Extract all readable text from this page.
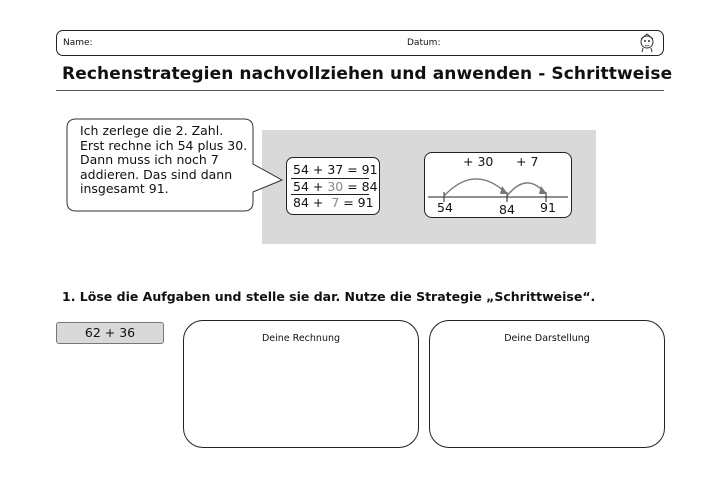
Name:	Datum:
Rechenstrategien nachvollziehen und anwenden - Schrittweise
Ich zerlege die 2. Zahl.
Erst rechne ich 54 plus 30.
Dann muss ich noch 7
addieren. Das sind dann
insgesamt 91.
54 + 37 = 91
54 + 30 = 84
84 +  7 = 91
+ 30 + 7
54	84 91
1. Löse die Aufgaben und stelle sie dar. Nutze die Strategie „Schrittweise“.
62 + 36	Deine Rechnung	Deine Darstellung
